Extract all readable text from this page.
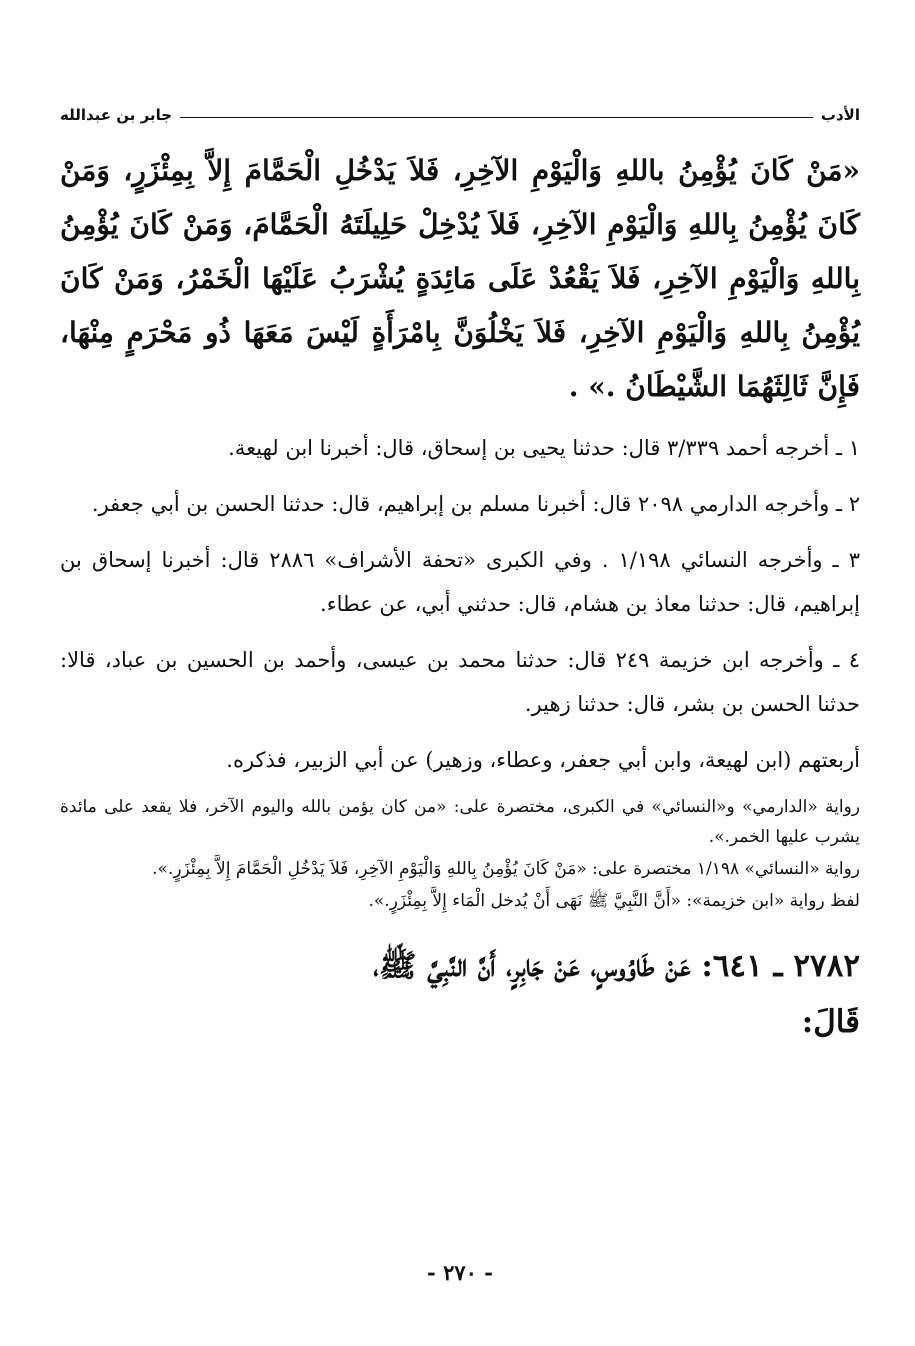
الأدب
جابر بن عبدالله
«مَنْ كَانَ يُؤْمِنُ باللهِ وَالْيَوْمِ الآخِرِ، فَلاَ يَدْخُلِ الْحَمَّامَ إِلاَّ بِمِئْزَرٍ، وَمَنْ كَانَ يُؤْمِنُ بِاللهِ وَالْيَوْمِ الآخِرِ، فَلاَ يُدْخِلْ حَلِيلَتَهُ الْحَمَّامَ، وَمَنْ كَانَ يُؤْمِنُ بِاللهِ وَالْيَوْمِ الآخِرِ، فَلاَ يَقْعُدْ عَلَى مَائِدَةٍ يُشْرَبُ عَلَيْهَا الْخَمْرُ، وَمَنْ كَانَ يُؤْمِنُ بِاللهِ وَالْيَوْمِ الآخِرِ، فَلاَ يَخْلُوَنَّ بِامْرَأَةٍ لَيْسَ مَعَهَا ذُو مَحْرَمٍ مِنْهَا، فَإِنَّ ثَالِثَهُمَا الشَّيْطَانُ .» .

١ ـ أخرجه أحمد ٣/٣٣٩ قال: حدثنا يحيى بن إسحاق، قال: أخبرنا ابن لهيعة.

٢ ـ وأخرجه الدارمي ٢٠٩٨ قال: أخبرنا مسلم بن إبراهيم، قال: حدثنا الحسن بن أبي جعفر.

٣ ـ وأخرجه النسائي ١/١٩٨ . وفي الكبرى «تحفة الأشراف» ٢٨٨٦ قال: أخبرنا إسحاق بن إبراهيم، قال: حدثنا معاذ بن هشام، قال: حدثني أبي، عن عطاء.

٤ ـ وأخرجه ابن خزيمة ٢٤٩ قال: حدثنا محمد بن عيسى، وأحمد بن الحسين بن عباد، قالا: حدثنا الحسن بن بشر، قال: حدثنا زهير.

أربعتهم (ابن لهيعة، وابن أبي جعفر، وعطاء، وزهير) عن أبي الزبير، فذكره.

رواية «الدارمي» و«النسائي» في الكبرى، مختصرة على: «من كان يؤمن بالله واليوم الآخر، فلا يقعد على مائدة يشرب عليها الخمر.».

رواية «النسائي» ١/١٩٨ مختصرة على: «مَنْ كَانَ يُؤْمِنُ بِاللهِ وَالْيَوْمِ الآخِرِ، فَلاَ يَدْخُلِ الْحَمَّامَ إِلاَّ بِمِئْزَرٍ.».

لفظ رواية «ابن خزيمة»: «أَنَّ النَّبِيَّ ﷺ نَهَى أَنْ يُدخل الْمَاء إِلاَّ بِمِئْزَرٍ.».

٢٧٨٢ ـ ٦٤١: عَنْ طَاوُوسٍ، عَنْ جَابِرٍ، أَنَّ النَّبِيَّ ﷺ،
قَالَ:
- ٢٧٠ -
